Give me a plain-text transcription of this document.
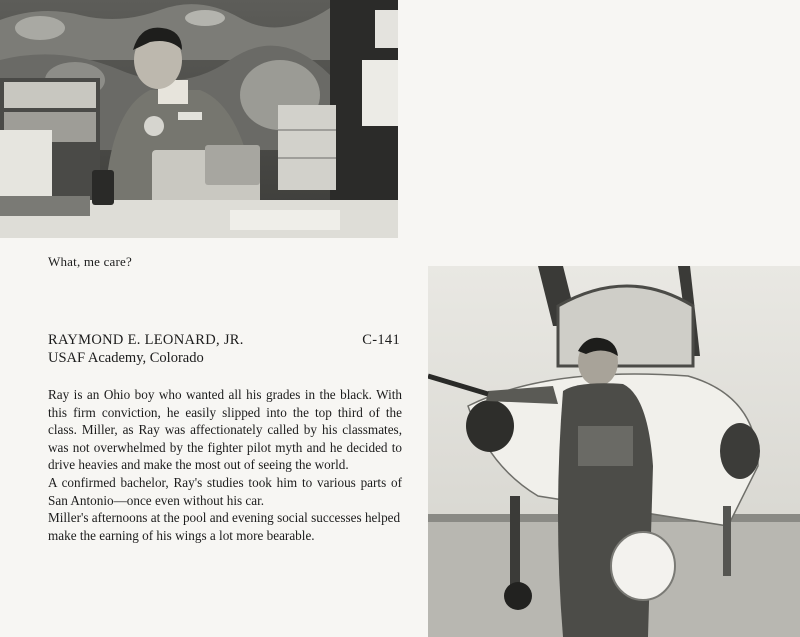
What, me care?
RAYMOND E. LEONARD, JR.	C-141
USAF Academy, Colorado

Ray is an Ohio boy who wanted all his grades in the black. With this firm conviction, he easily slipped into the top third of the class. Miller, as Ray was affectionately called by his classmates, was not overwhelmed by the fighter pilot myth and he decided to drive heavies and make the most out of seeing the world.

A confirmed bachelor, Ray's studies took him to various parts of San Antonio—once even without his car.

Miller's afternoons at the pool and evening social successes helped make the earning of his wings a lot more bearable.
